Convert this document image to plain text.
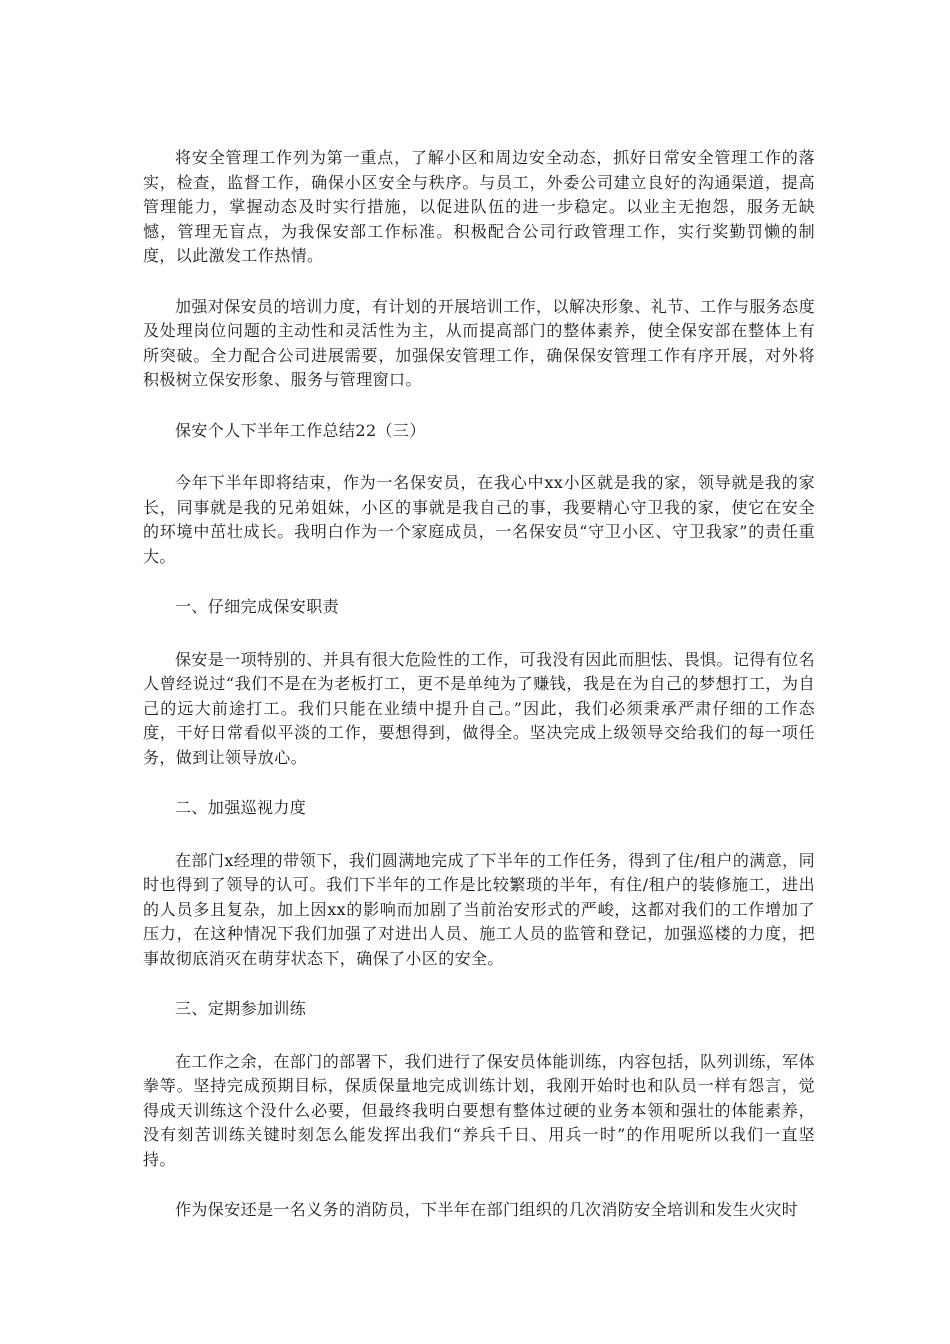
将安全管理工作列为第一重点，了解小区和周边安全动态，抓好日常安全管理工作的落实，检查，监督工作，确保小区安全与秩序。与员工，外委公司建立良好的沟通渠道，提高管理能力，掌握动态及时实行措施，以促进队伍的进一步稳定。以业主无抱怨，服务无缺憾，管理无盲点，为我保安部工作标准。积极配合公司行政管理工作，实行奖勤罚懒的制度，以此激发工作热情。

加强对保安员的培训力度，有计划的开展培训工作，以解决形象、礼节、工作与服务态度及处理岗位问题的主动性和灵活性为主，从而提高部门的整体素养，使全保安部在整体上有所突破。全力配合公司进展需要，加强保安管理工作，确保保安管理工作有序开展，对外将积极树立保安形象、服务与管理窗口。

保安个人下半年工作总结22（三）

今年下半年即将结束，作为一名保安员，在我心中xx小区就是我的家，领导就是我的家长，同事就是我的兄弟姐妹，小区的事就是我自己的事，我要精心守卫我的家，使它在安全的环境中茁壮成长。我明白作为一个家庭成员，一名保安员“守卫小区、守卫我家”的责任重大。

一、仔细完成保安职责

保安是一项特别的、并具有很大危险性的工作，可我没有因此而胆怯、畏惧。记得有位名人曾经说过“我们不是在为老板打工，更不是单纯为了赚钱，我是在为自己的梦想打工，为自己的远大前途打工。我们只能在业绩中提升自己。”因此，我们必须秉承严肃仔细的工作态度，干好日常看似平淡的工作，要想得到，做得全。坚决完成上级领导交给我们的每一项任务，做到让领导放心。

二、加强巡视力度

在部门x经理的带领下，我们圆满地完成了下半年的工作任务，得到了住/租户的满意，同时也得到了领导的认可。我们下半年的工作是比较繁琐的半年，有住/租户的装修施工，进出的人员多且复杂，加上因xx的影响而加剧了当前治安形式的严峻，这都对我们的工作增加了压力，在这种情况下我们加强了对进出人员、施工人员的监管和登记，加强巡楼的力度，把事故彻底消灭在萌芽状态下，确保了小区的安全。

三、定期参加训练

在工作之余，在部门的部署下，我们进行了保安员体能训练，内容包括，队列训练，军体拳等。坚持完成预期目标，保质保量地完成训练计划，我刚开始时也和队员一样有怨言，觉得成天训练这个没什么必要，但最终我明白要想有整体过硬的业务本领和强壮的体能素养，没有刻苦训练关键时刻怎么能发挥出我们“养兵千日、用兵一时”的作用呢所以我们一直坚持。

作为保安还是一名义务的消防员，下半年在部门组织的几次消防安全培训和发生火灾时
